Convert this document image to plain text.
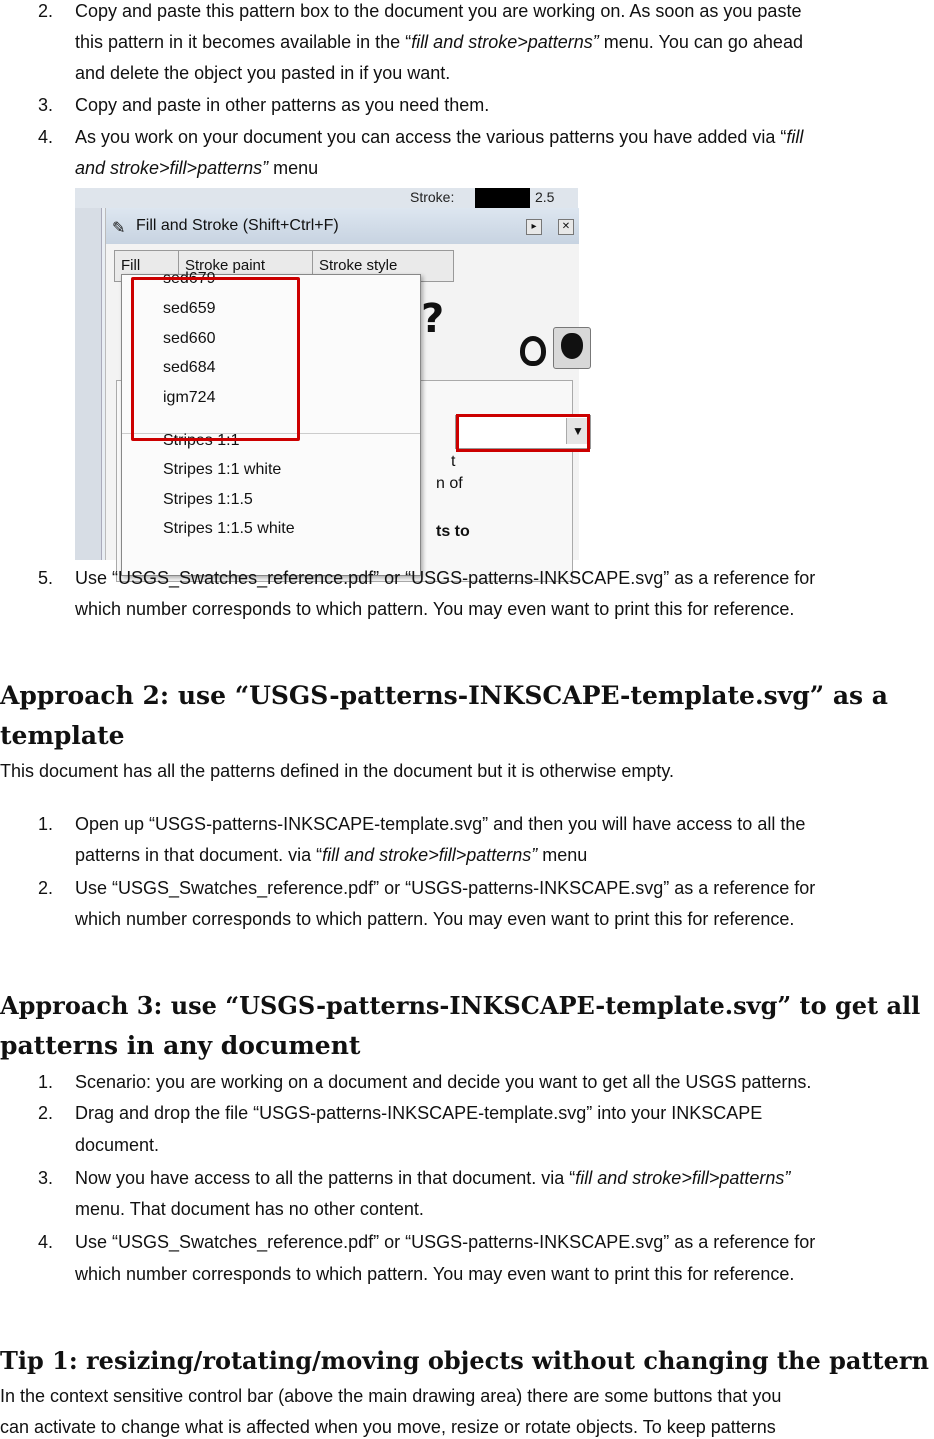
2. Copy and paste this pattern box to the document you are working on. As soon as you paste
this pattern in it becomes available in the “fill and stroke>patterns” menu. You can go ahead
and delete the object you pasted in if you want.
3. Copy and paste in other patterns as you need them.
4. As you work on your document you can access the various patterns you have added via “fill
and stroke>fill>patterns” menu
Stroke:	2.5
✎ Fill and Stroke (Shift+Ctrl+F)	▸	✕
Fill	Stroke paint	Stroke style
?
▼
t
n of
ts to
sed679
sed659
sed660
sed684
igm724
Stripes 1:1
Stripes 1:1 white
Stripes 1:1.5
Stripes 1:1.5 white
5. Use “USGS_Swatches_reference.pdf” or “USGS-patterns-INKSCAPE.svg” as a reference for
which number corresponds to which pattern. You may even want to print this for reference.
Approach 2: use “USGS-patterns-INKSCAPE-template.svg” as a
template
This document has all the patterns defined in the document but it is otherwise empty.
1. Open up “USGS-patterns-INKSCAPE-template.svg” and then you will have access to all the
patterns in that document. via “fill and stroke>fill>patterns” menu
2. Use “USGS_Swatches_reference.pdf” or “USGS-patterns-INKSCAPE.svg” as a reference for
which number corresponds to which pattern. You may even want to print this for reference.
Approach 3: use “USGS-patterns-INKSCAPE-template.svg” to get all
patterns in any document
1. Scenario: you are working on a document and decide you want to get all the USGS patterns.
2. Drag and drop the file “USGS-patterns-INKSCAPE-template.svg” into your INKSCAPE
document.
3. Now you have access to all the patterns in that document. via “fill and stroke>fill>patterns”
menu. That document has no other content.
4. Use “USGS_Swatches_reference.pdf” or “USGS-patterns-INKSCAPE.svg” as a reference for
which number corresponds to which pattern. You may even want to print this for reference.
Tip 1: resizing/rotating/moving objects without changing the pattern
In the context sensitive control bar (above the main drawing area) there are some buttons that you
can activate to change what is affected when you move, resize or rotate objects. To keep patterns
